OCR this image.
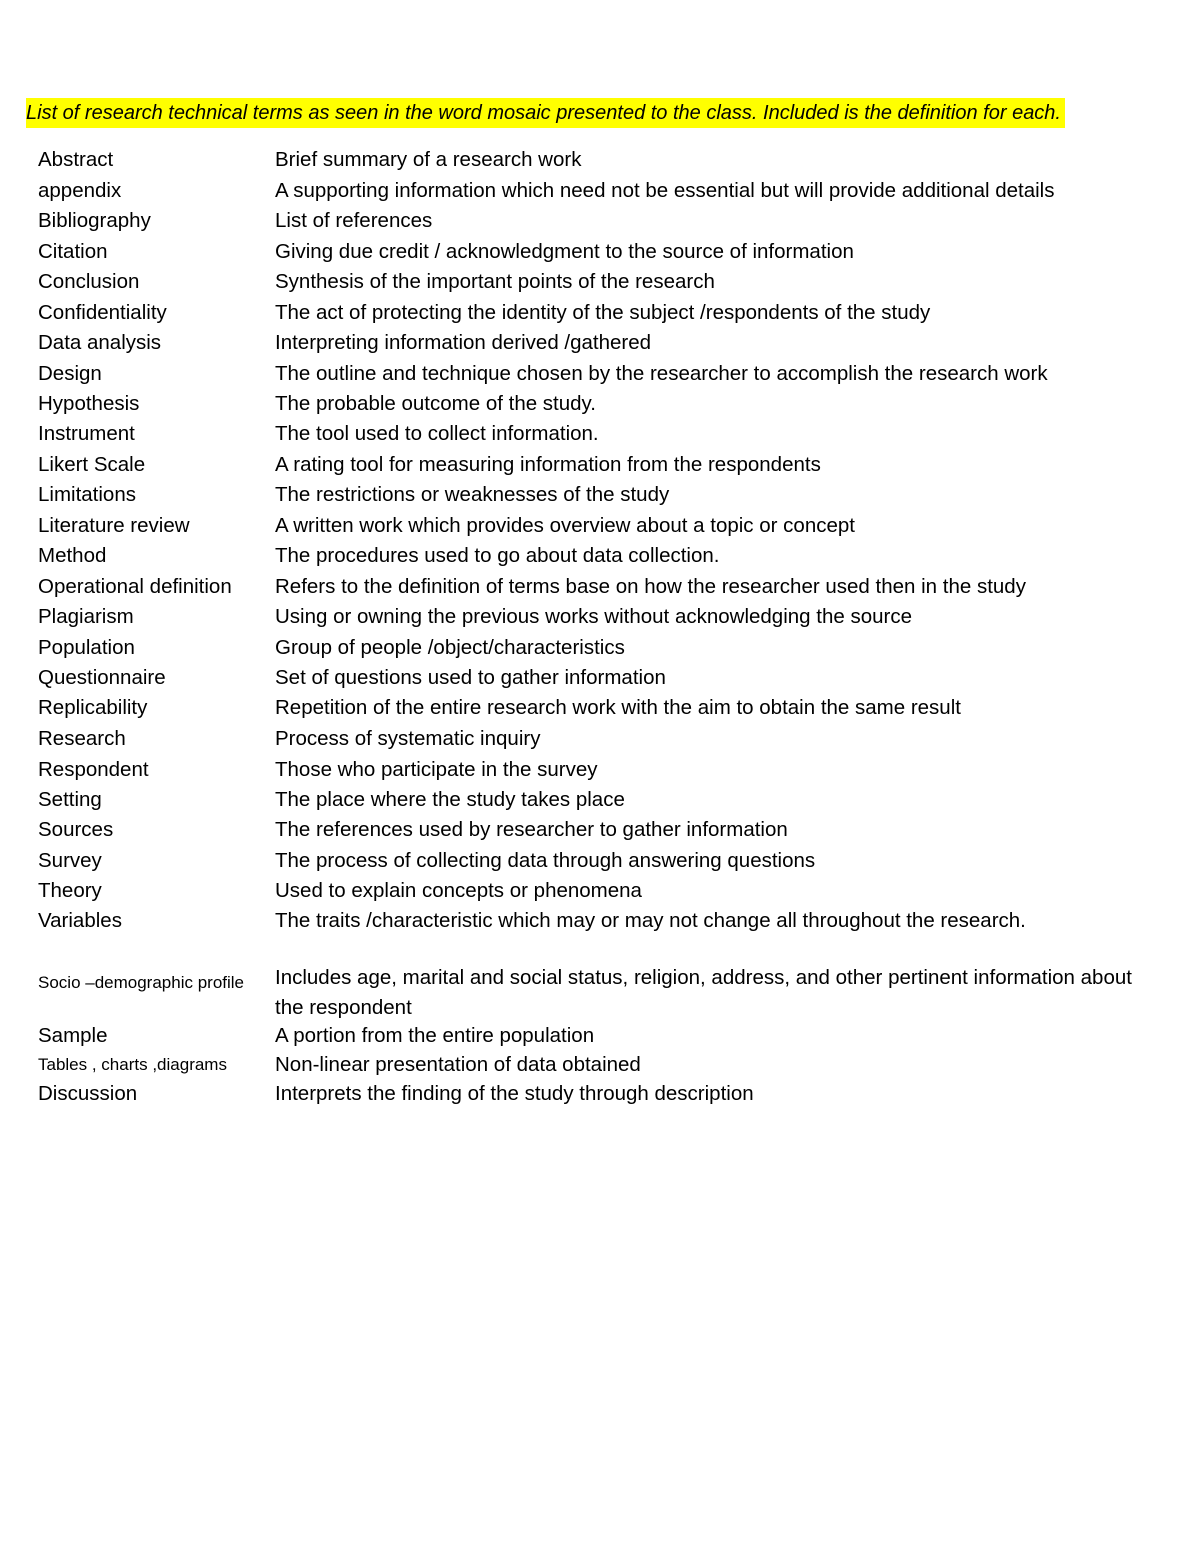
List of research technical terms as seen in the word mosaic presented to the class. Included is the definition for each.
Abstract	Brief summary of a research work
appendix	A supporting information which need not be essential but will provide additional details
Bibliography	List of references
Citation	Giving due credit / acknowledgment to the source of information
Conclusion	Synthesis of the important points of the research
Confidentiality	The act of protecting the identity of the subject /respondents of the study
Data analysis	Interpreting information derived /gathered
Design	The outline and technique chosen by the researcher to accomplish the research work
Hypothesis	The probable outcome of the study.
Instrument	The tool used to collect information.
Likert Scale	A rating tool for measuring information from the respondents
Limitations	The restrictions or weaknesses of the study
Literature review	A written work which provides overview about a topic or concept
Method	The procedures used to go about data collection.
Operational definition	Refers to the definition of terms base on how the researcher used then in the study
Plagiarism	Using or owning the previous works without acknowledging the source
Population	Group of people /object/characteristics
Questionnaire	Set of questions used to gather information
Replicability	Repetition of the entire research work with the aim to obtain the same result
Research	Process of systematic inquiry
Respondent	Those who participate in the survey
Setting	The place where the study takes place
Sources	The references used by researcher to gather information
Survey	The process of collecting data through answering questions
Theory	Used to explain concepts or phenomena
Variables	The traits /characteristic which may or may not change all throughout the research.
Socio –demographic profile	Includes age, marital and social status, religion, address, and other pertinent information about the respondent
Sample	A portion from the entire population
Tables , charts ,diagrams	Non-linear presentation of data obtained
Discussion	Interprets the finding of the study through description
